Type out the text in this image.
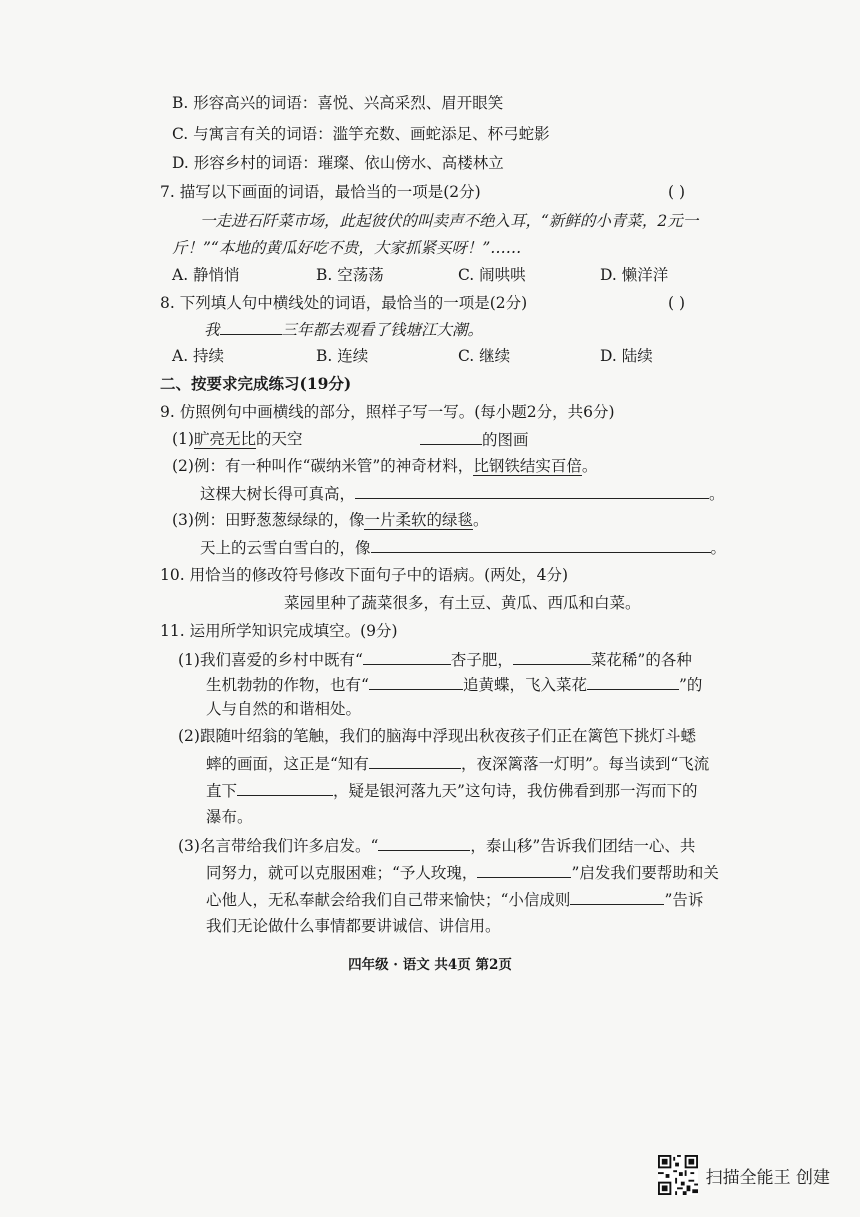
B. 形容高兴的词语：喜悦、兴高采烈、眉开眼笑
C. 与寓言有关的词语：滥竽充数、画蛇添足、杯弓蛇影
D. 形容乡村的词语：璀璨、依山傍水、高楼林立
7. 描写以下画面的词语，最恰当的一项是(2分)	( )
一走进石阡菜市场，此起彼伏的叫卖声不绝入耳，“新鲜的小青菜，2元一
斤！”“本地的黄瓜好吃不贵，大家抓紧买呀！”……
A. 静悄悄	B. 空荡荡	C. 闹哄哄	D. 懒洋洋
8. 下列填人句中横线处的词语，最恰当的一项是(2分)	( )
我	三年都去观看了钱塘江大潮。
A. 持续	B. 连续	C. 继续	D. 陆续
二、按要求完成练习(19分)
9. 仿照例句中画横线的部分，照样子写一写。(每小题2分，共6分)
(1)旷亮无比的天空	的图画
(2)例：有一种叫作“碳纳米管”的神奇材料，比钢铁结实百倍。
这棵大树长得可真高，	。
(3)例：田野葱葱绿绿的，像一片柔软的绿毯。
天上的云雪白雪白的，像	。
10. 用恰当的修改符号修改下面句子中的语病。(两处，4分)
菜园里种了蔬菜很多，有土豆、黄瓜、西瓜和白菜。
11. 运用所学知识完成填空。(9分)
(1)我们喜爱的乡村中既有“	杏子肥，	菜花稀”的各种
生机勃勃的作物，也有“	追黄蝶，飞入菜花	”的
人与自然的和谐相处。
(2)跟随叶绍翁的笔触，我们的脑海中浮现出秋夜孩子们正在篱笆下挑灯斗蟋
蟀的画面，这正是“知有	，夜深篱落一灯明”。每当读到“飞流
直下	，疑是银河落九天”这句诗，我仿佛看到那一泻而下的
瀑布。
(3)名言带给我们许多启发。“	，泰山移”告诉我们团结一心、共
同努力，就可以克服困难；“予人玫瑰，	”启发我们要帮助和关
心他人，无私奉献会给我们自己带来愉快；“小信成则	”告诉
我们无论做什么事情都要讲诚信、讲信用。
四年级 · 语文 共4页 第2页
扫描全能王 创建
